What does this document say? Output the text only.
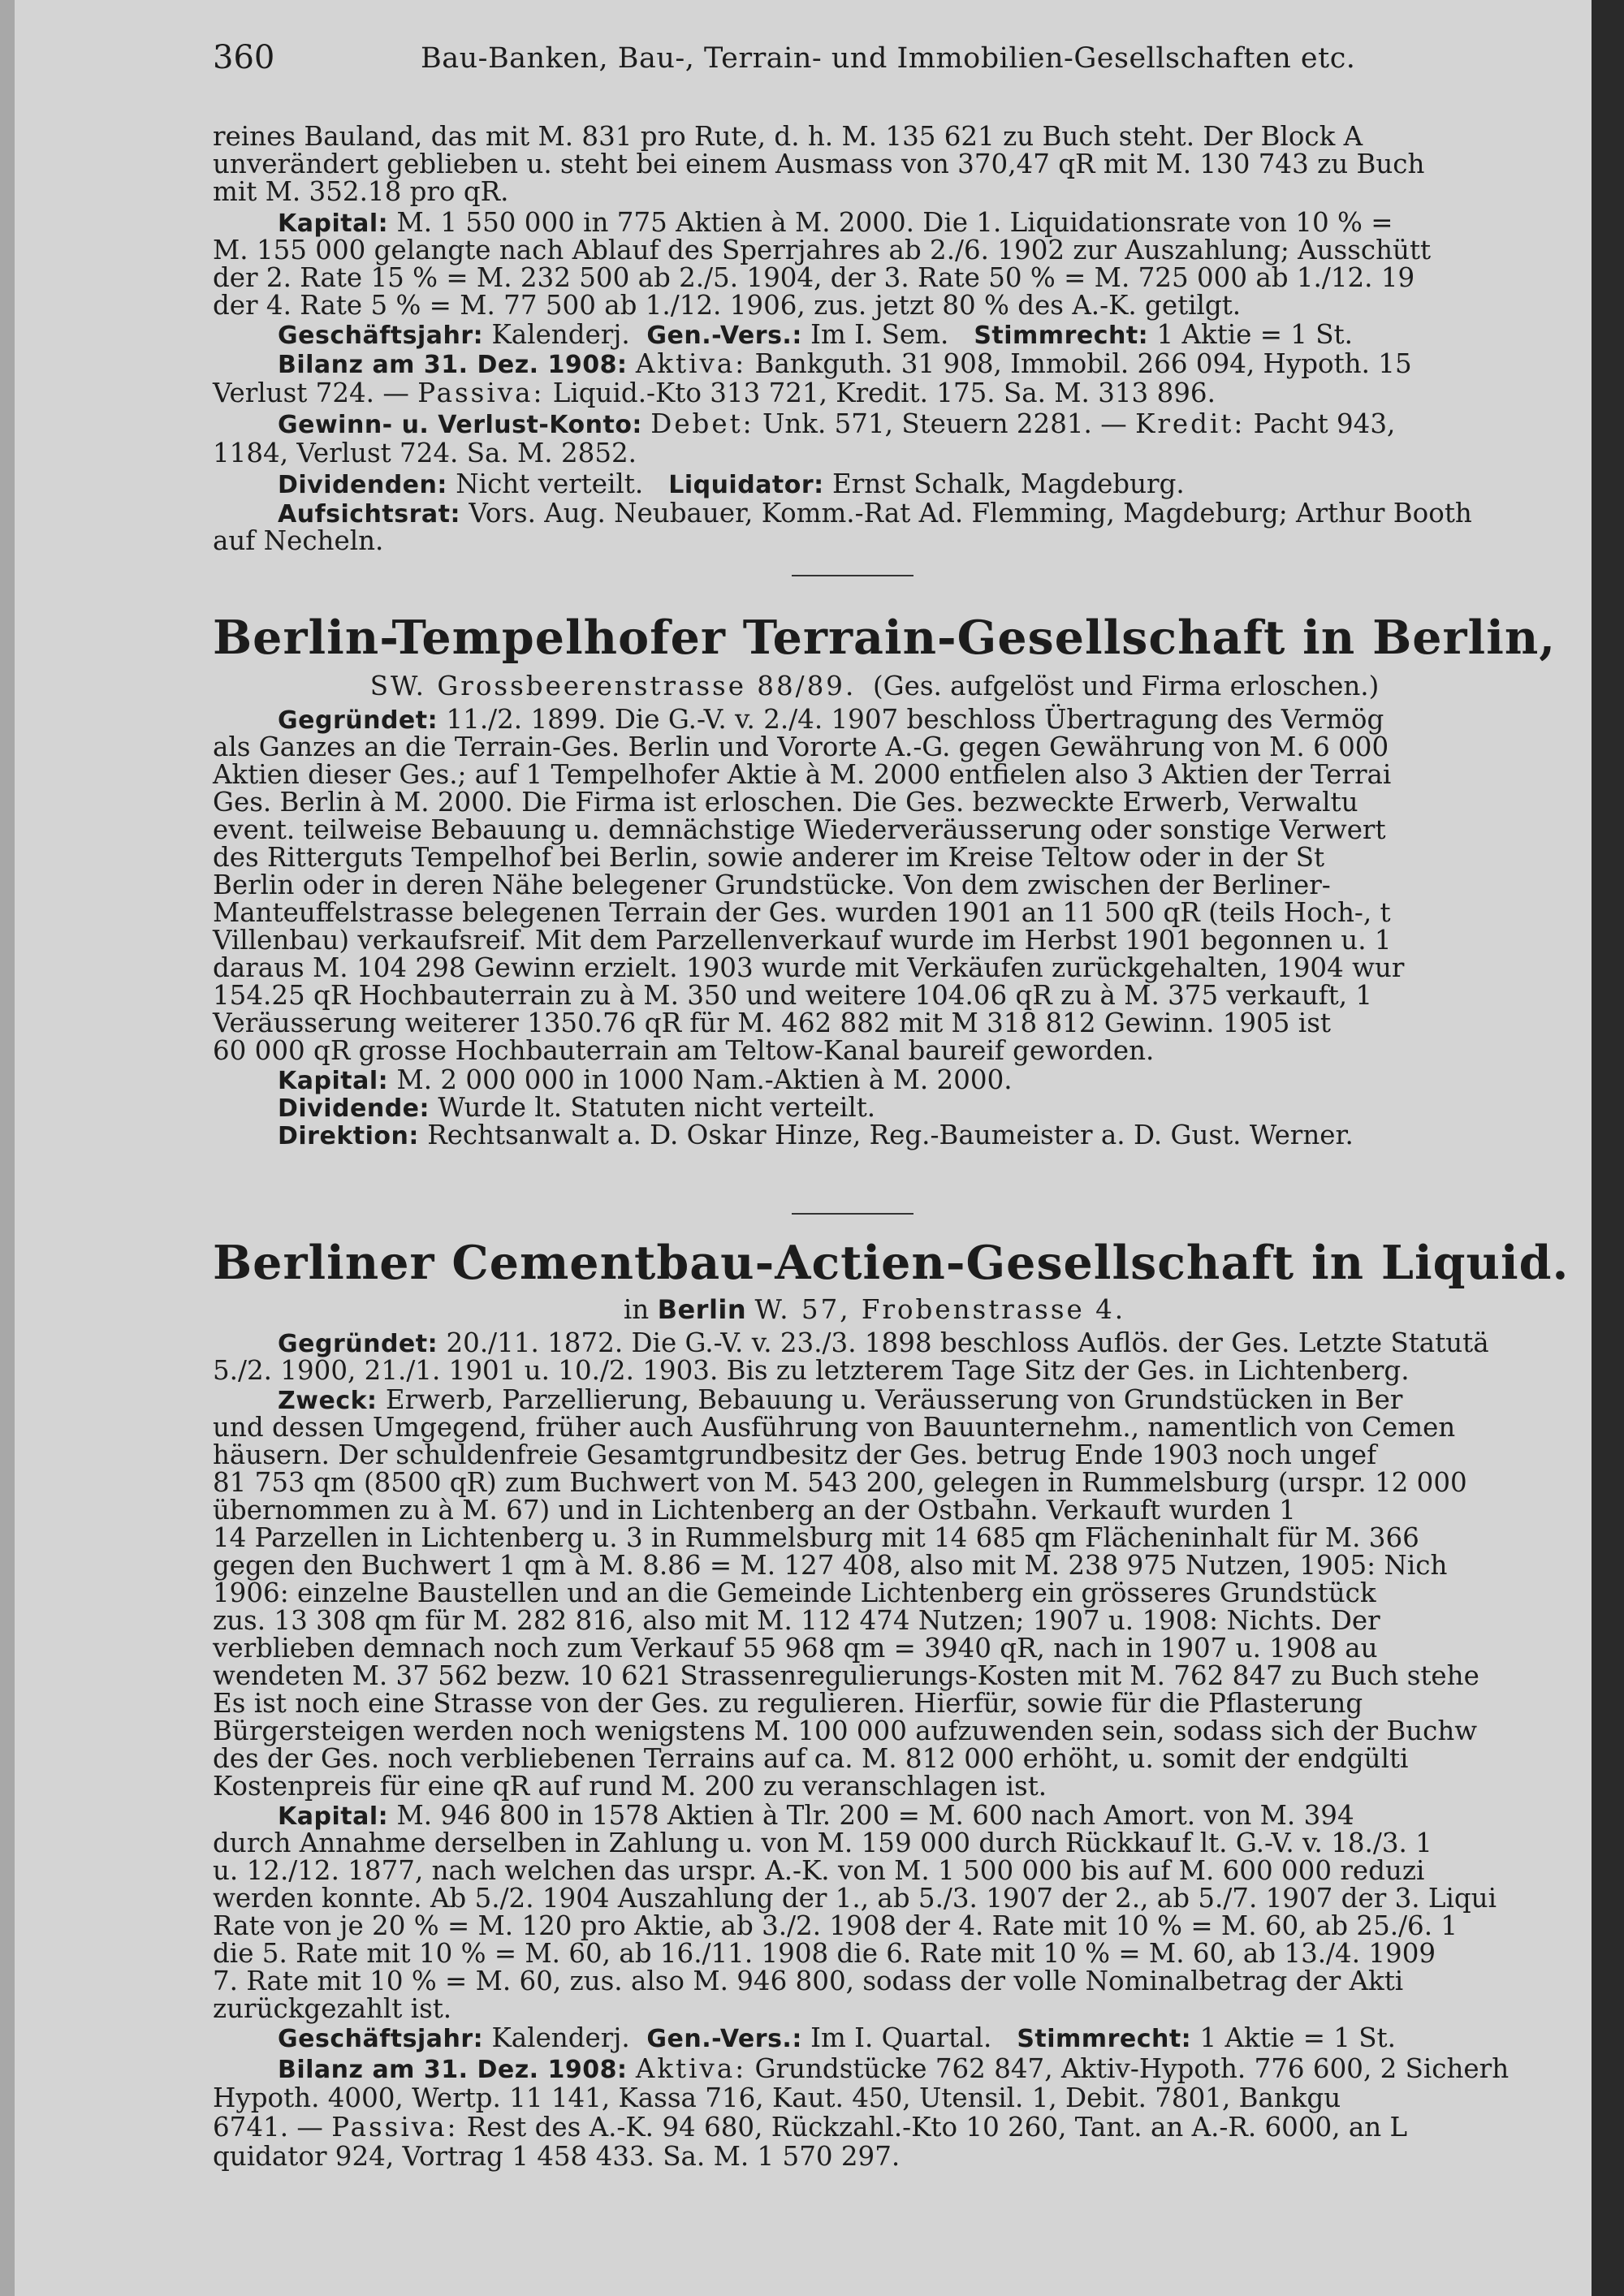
360	Bau-Banken, Bau-, Terrain- und Immobilien-Gesellschaften etc.
reines Bauland, das mit M. 831 pro Rute, d. h. M. 135 621 zu Buch steht. Der Block A
unverändert geblieben u. steht bei einem Ausmass von 370,47 qR mit M. 130 743 zu Buch
mit M. 352.18 pro qR.
Kapital: M. 1 550 000 in 775 Aktien à M. 2000. Die 1. Liquidationsrate von 10 % =
M. 155 000 gelangte nach Ablauf des Sperrjahres ab 2./6. 1902 zur Auszahlung; Ausschütt
der 2. Rate 15 % = M. 232 500 ab 2./5. 1904, der 3. Rate 50 % = M. 725 000 ab 1./12. 19
der 4. Rate 5 % = M. 77 500 ab 1./12. 1906, zus. jetzt 80 % des A.-K. getilgt.
Geschäftsjahr: Kalenderj. Gen.-Vers.: Im I. Sem. Stimmrecht: 1 Aktie = 1 St.
Bilanz am 31. Dez. 1908: Aktiva: Bankguth. 31 908, Immobil. 266 094, Hypoth. 15
Verlust 724. — Passiva: Liquid.-Kto 313 721, Kredit. 175. Sa. M. 313 896.
Gewinn- u. Verlust-Konto: Debet: Unk. 571, Steuern 2281. — Kredit: Pacht 943,
1184, Verlust 724. Sa. M. 2852.
Dividenden: Nicht verteilt. Liquidator: Ernst Schalk, Magdeburg.
Aufsichtsrat: Vors. Aug. Neubauer, Komm.-Rat Ad. Flemming, Magdeburg; Arthur Booth
auf Necheln.
Berlin-Tempelhofer Terrain-Gesellschaft in Berlin,
SW. Grossbeerenstrasse 88/89. (Ges. aufgelöst und Firma erloschen.)
Gegründet: 11./2. 1899. Die G.-V. v. 2./4. 1907 beschloss Übertragung des Vermög
als Ganzes an die Terrain-Ges. Berlin und Vororte A.-G. gegen Gewährung von M. 6 000
Aktien dieser Ges.; auf 1 Tempelhofer Aktie à M. 2000 entfielen also 3 Aktien der Terrai
Ges. Berlin à M. 2000. Die Firma ist erloschen. Die Ges. bezweckte Erwerb, Verwaltu
event. teilweise Bebauung u. demnächstige Wiederveräusserung oder sonstige Verwert
des Ritterguts Tempelhof bei Berlin, sowie anderer im Kreise Teltow oder in der St
Berlin oder in deren Nähe belegener Grundstücke. Von dem zwischen der Berliner-
Manteuffelstrasse belegenen Terrain der Ges. wurden 1901 an 11 500 qR (teils Hoch-, t
Villenbau) verkaufsreif. Mit dem Parzellenverkauf wurde im Herbst 1901 begonnen u. 1
daraus M. 104 298 Gewinn erzielt. 1903 wurde mit Verkäufen zurückgehalten, 1904 wur
154.25 qR Hochbauterrain zu à M. 350 und weitere 104.06 qR zu à M. 375 verkauft, 1
Veräusserung weiterer 1350.76 qR für M. 462 882 mit M 318 812 Gewinn. 1905 ist
60 000 qR grosse Hochbauterrain am Teltow-Kanal baureif geworden.
Kapital: M. 2 000 000 in 1000 Nam.-Aktien à M. 2000.
Dividende: Wurde lt. Statuten nicht verteilt.
Direktion: Rechtsanwalt a. D. Oskar Hinze, Reg.-Baumeister a. D. Gust. Werner.
Berliner Cementbau-Actien-Gesellschaft in Liquid.
in Berlin W. 57, Frobenstrasse 4.
Gegründet: 20./11. 1872. Die G.-V. v. 23./3. 1898 beschloss Auflös. der Ges. Letzte Statutä
5./2. 1900, 21./1. 1901 u. 10./2. 1903. Bis zu letzterem Tage Sitz der Ges. in Lichtenberg.
Zweck: Erwerb, Parzellierung, Bebauung u. Veräusserung von Grundstücken in Ber
und dessen Umgegend, früher auch Ausführung von Bauunternehm., namentlich von Cemen
häusern. Der schuldenfreie Gesamtgrundbesitz der Ges. betrug Ende 1903 noch ungef
81 753 qm (8500 qR) zum Buchwert von M. 543 200, gelegen in Rummelsburg (urspr. 12 000
übernommen zu à M. 67) und in Lichtenberg an der Ostbahn. Verkauft wurden 1
14 Parzellen in Lichtenberg u. 3 in Rummelsburg mit 14 685 qm Flächeninhalt für M. 366
gegen den Buchwert 1 qm à M. 8.86 = M. 127 408, also mit M. 238 975 Nutzen, 1905: Nich
1906: einzelne Baustellen und an die Gemeinde Lichtenberg ein grösseres Grundstück
zus. 13 308 qm für M. 282 816, also mit M. 112 474 Nutzen; 1907 u. 1908: Nichts. Der
verblieben demnach noch zum Verkauf 55 968 qm = 3940 qR, nach in 1907 u. 1908 au
wendeten M. 37 562 bezw. 10 621 Strassenregulierungs-Kosten mit M. 762 847 zu Buch stehe
Es ist noch eine Strasse von der Ges. zu regulieren. Hierfür, sowie für die Pflasterung
Bürgersteigen werden noch wenigstens M. 100 000 aufzuwenden sein, sodass sich der Buchw
des der Ges. noch verbliebenen Terrains auf ca. M. 812 000 erhöht, u. somit der endgülti
Kostenpreis für eine qR auf rund M. 200 zu veranschlagen ist.
Kapital: M. 946 800 in 1578 Aktien à Tlr. 200 = M. 600 nach Amort. von M. 394
durch Annahme derselben in Zahlung u. von M. 159 000 durch Rückkauf lt. G.-V. v. 18./3. 1
u. 12./12. 1877, nach welchen das urspr. A.-K. von M. 1 500 000 bis auf M. 600 000 reduzi
werden konnte. Ab 5./2. 1904 Auszahlung der 1., ab 5./3. 1907 der 2., ab 5./7. 1907 der 3. Liqui
Rate von je 20 % = M. 120 pro Aktie, ab 3./2. 1908 der 4. Rate mit 10 % = M. 60, ab 25./6. 1
die 5. Rate mit 10 % = M. 60, ab 16./11. 1908 die 6. Rate mit 10 % = M. 60, ab 13./4. 1909
7. Rate mit 10 % = M. 60, zus. also M. 946 800, sodass der volle Nominalbetrag der Akti
zurückgezahlt ist.
Geschäftsjahr: Kalenderj. Gen.-Vers.: Im I. Quartal. Stimmrecht: 1 Aktie = 1 St.
Bilanz am 31. Dez. 1908: Aktiva: Grundstücke 762 847, Aktiv-Hypoth. 776 600, 2 Sicherh
Hypoth. 4000, Wertp. 11 141, Kassa 716, Kaut. 450, Utensil. 1, Debit. 7801, Bankgu
6741. — Passiva: Rest des A.-K. 94 680, Rückzahl.-Kto 10 260, Tant. an A.-R. 6000, an L
quidator 924, Vortrag 1 458 433. Sa. M. 1 570 297.
